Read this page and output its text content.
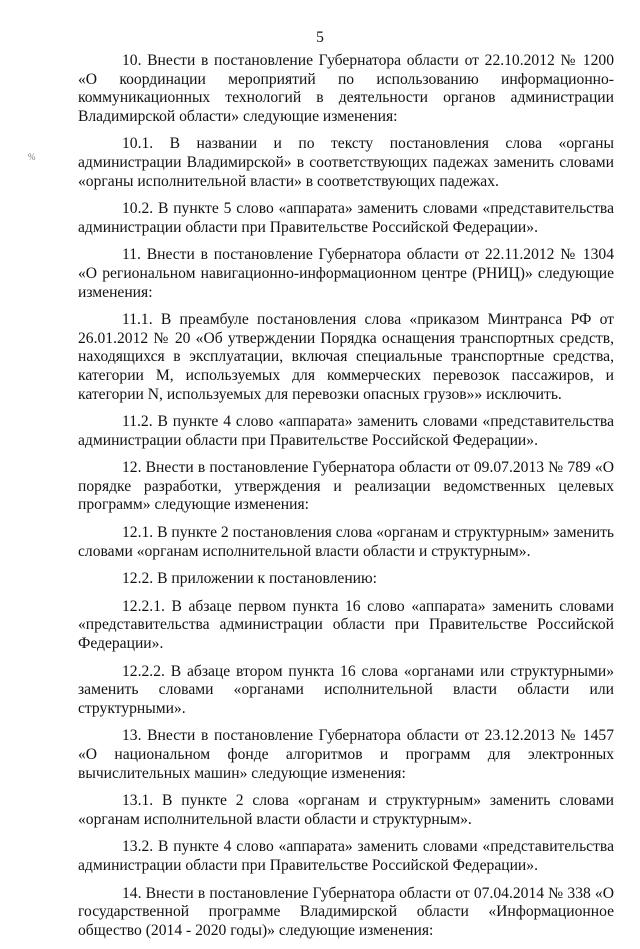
5
%

10. Внести в постановление Губернатора области от 22.10.2012 № 1200 «О координации мероприятий по использованию информационно-коммуникационных технологий в деятельности органов администрации Владимирской области» следующие изменения:

10.1. В названии и по тексту постановления слова «органы администрации Владимирской» в соответствующих падежах заменить словами «органы исполнительной власти» в соответствующих падежах.

10.2. В пункте 5 слово «аппарата» заменить словами «представительства администрации области при Правительстве Российской Федерации».

11. Внести в постановление Губернатора области от 22.11.2012 № 1304 «О региональном навигационно-информационном центре (РНИЦ)» следующие изменения:

11.1. В преамбуле постановления слова «приказом Минтранса РФ от 26.01.2012 № 20 «Об утверждении Порядка оснащения транспортных средств, находящихся в эксплуатации, включая специальные транспортные средства, категории М, используемых для коммерческих перевозок пассажиров, и категории N, используемых для перевозки опасных грузов»» исключить.

11.2. В пункте 4 слово «аппарата» заменить словами «представительства администрации области при Правительстве Российской Федерации».

12. Внести в постановление Губернатора области от 09.07.2013 № 789 «О порядке разработки, утверждения и реализации ведомственных целевых программ» следующие изменения:

12.1. В пункте 2 постановления слова «органам и структурным» заменить словами «органам исполнительной власти области и структурным».

12.2. В приложении к постановлению:

12.2.1. В абзаце первом пункта 16 слово «аппарата» заменить словами «представительства администрации области при Правительстве Российской Федерации».

12.2.2. В абзаце втором пункта 16 слова «органами или структурными» заменить словами «органами исполнительной власти области или структурными».

13. Внести в постановление Губернатора области от 23.12.2013 № 1457 «О национальном фонде алгоритмов и программ для электронных вычислительных машин» следующие изменения:

13.1. В пункте 2 слова «органам и структурным» заменить словами «органам исполнительной власти области и структурным».

13.2. В пункте 4 слово «аппарата» заменить словами «представительства администрации области при Правительстве Российской Федерации».

14. Внести в постановление Губернатора области от 07.04.2014 № 338 «О государственной программе Владимирской области «Информационное общество (2014 - 2020 годы)» следующие изменения:
